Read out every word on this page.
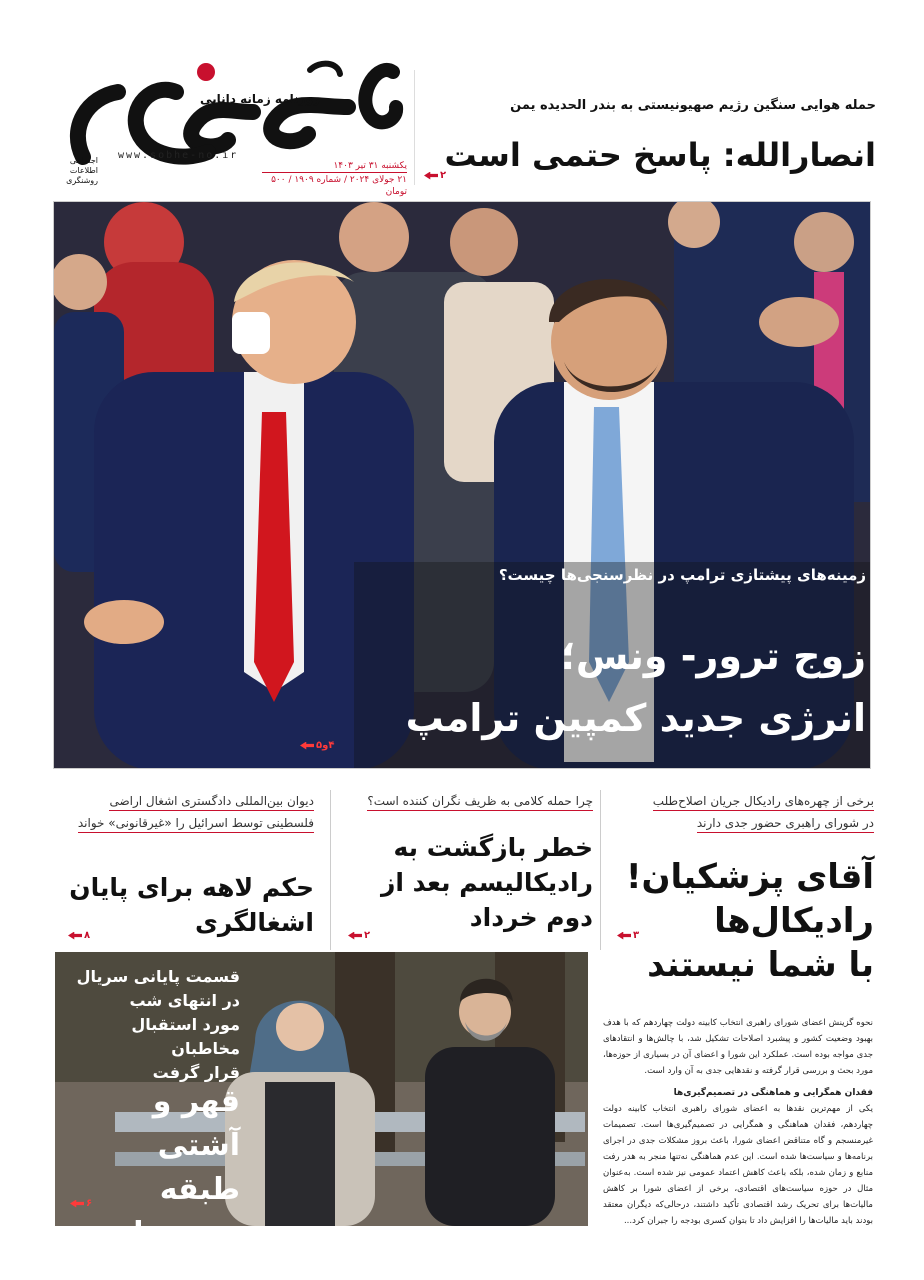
روزنامه زمانه دانایی
www.sobhe-no.ir
اجتماعی
اطلاعات
روشنگری
یکشنبه ۳۱ تیر ۱۴۰۳
۲۱ جولای ۲۰۲۴ / شماره ۱۹۰۹ / ۵۰۰ تومان
حمله هوایی سنگین رژیم صهیونیستی به بندر الحدیده یمن
انصارالله: پاسخ حتمی است
۲
زمینه‌های پیشتازی ترامپ در نظرسنجی‌ها چیست؟
زوج ترور- ونس؛
انرژی جدید کمپین ترامپ
۴و۵
برخی از چهره‌های رادیکال جریان اصلاح‌طلب
در شورای راهبری حضور جدی دارند
آقای پزشکیان!
رادیکال‌ها
با شما نیستند
۳
چرا حمله کلامی به ظریف نگران کننده است؟
خطر بازگشت به
رادیکالیسم بعد از
دوم خرداد
۲
دیوان بین‌المللی دادگستری اشغال اراضی
فلسطینی توسط اسرائیل را «غیرقانونی» خواند
حکم لاهه برای پایان
اشغالگری
۸

نحوه گزینش اعضای شورای راهبری انتخاب کابینه دولت چهاردهم که با هدف بهبود وضعیت کشور و پیشبرد اصلاحات تشکیل شد، با چالش‌ها و انتقادهای جدی مواجه بوده است. عملکرد این شورا و اعضای آن در بسیاری از حوزه‌ها، مورد بحث و بررسی قرار گرفته و نقدهایی جدی به آن وارد است.

فقدان همگرایی و هماهنگی در تصمیم‌گیری‌ها

یکی از مهم‌ترین نقدها به اعضای شورای راهبری انتخاب کابینه دولت چهاردهم، فقدان هماهنگی و همگرایی در تصمیم‌گیری‌ها است. تصمیمات غیرمنسجم و گاه متناقض اعضای شورا، باعث بروز مشکلات جدی در اجرای برنامه‌ها و سیاست‌ها شده است. این عدم هماهنگی نه‌تنها منجر به هدر رفت منابع و زمان شده، بلکه باعث کاهش اعتماد عمومی نیز شده است. به‌عنوان مثال در حوزه سیاست‌های اقتصادی، برخی از اعضای شورا بر کاهش مالیات‌ها برای تحریک رشد اقتصادی تأکید داشتند، درحالی‌که دیگران معتقد بودند باید مالیات‌ها را افزایش داد تا بتوان کسری بودجه را جبران کرد...

قسمت پایانی سریال
در انتهای شب
مورد استقبال مخاطبان
قرار گرفت
قهر و آشتی
طبقه متوسطی
۶
